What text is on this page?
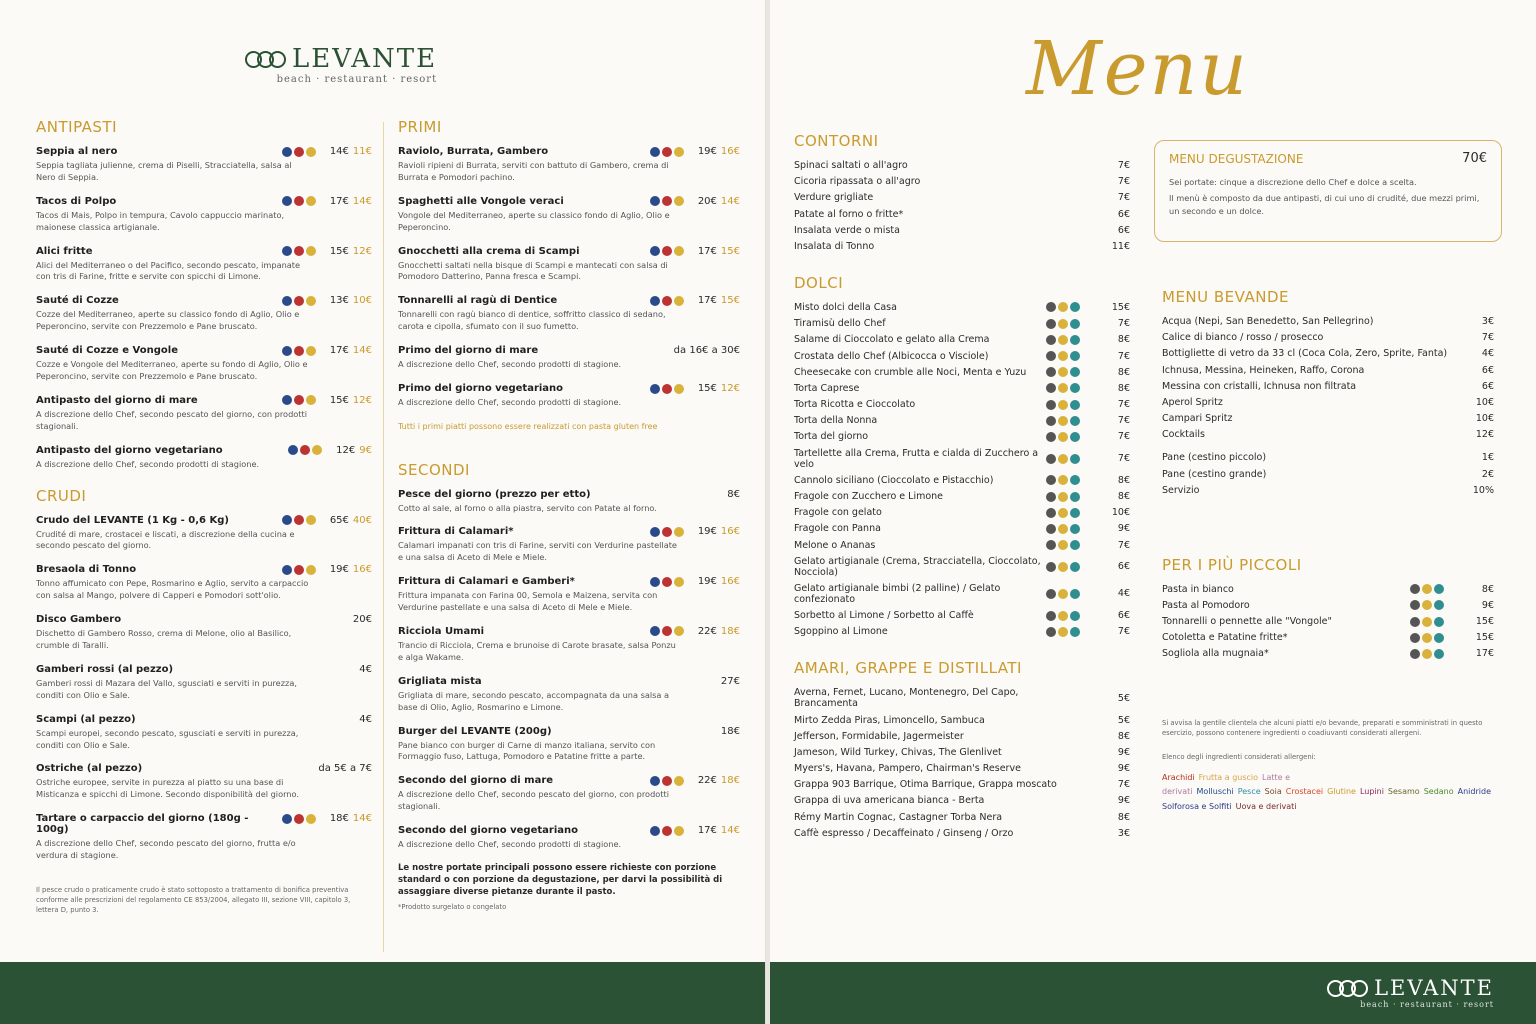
LEVANTE
beach · restaurant · resort
ANTIPASTI
Seppia al nero	14€ 11€
Seppia tagliata julienne, crema di Piselli, Stracciatella, salsa al Nero di Seppia.
Tacos di Polpo	17€ 14€
Tacos di Mais, Polpo in tempura, Cavolo cappuccio marinato, maionese classica artigianale.
Alici fritte	15€ 12€
Alici del Mediterraneo o del Pacifico, secondo pescato, impanate con tris di Farine, fritte e servite con spicchi di Limone.
Sauté di Cozze	13€ 10€
Cozze del Mediterraneo, aperte su classico fondo di Aglio, Olio e Peperoncino, servite con Prezzemolo e Pane bruscato.
Sauté di Cozze e Vongole	17€ 14€
Cozze e Vongole del Mediterraneo, aperte su fondo di Aglio, Olio e Peperoncino, servite con Prezzemolo e Pane bruscato.
Antipasto del giorno di mare	15€ 12€
A discrezione dello Chef, secondo pescato del giorno, con prodotti stagionali.
Antipasto del giorno vegetariano	12€ 9€
A discrezione dello Chef, secondo prodotti di stagione.
CRUDI
Crudo del LEVANTE (1 Kg - 0,6 Kg)	65€ 40€
Crudité di mare, crostacei e liscati, a discrezione della cucina e secondo pescato del giorno.
Bresaola di Tonno	19€ 16€
Tonno affumicato con Pepe, Rosmarino e Aglio, servito a carpaccio con salsa al Mango, polvere di Capperi e Pomodori sott'olio.
Disco Gambero	20€
Dischetto di Gambero Rosso, crema di Melone, olio al Basilico, crumble di Taralli.
Gamberi rossi (al pezzo)	4€
Gamberi rossi di Mazara del Vallo, sgusciati e serviti in purezza, conditi con Olio e Sale.
Scampi (al pezzo)	4€
Scampi europei, secondo pescato, sgusciati e serviti in purezza, conditi con Olio e Sale.
Ostriche (al pezzo)	da 5€ a 7€
Ostriche europee, servite in purezza al piatto su una base di Misticanza e spicchi di Limone. Secondo disponibilità del giorno.
Tartare o carpaccio del giorno (180g - 100g)
18€ 14€
A discrezione dello Chef, secondo pescato del giorno, frutta e/o verdura di stagione.
Il pesce crudo o praticamente crudo è stato sottoposto a trattamento di bonifica preventiva conforme alle prescrizioni del regolamento CE 853/2004, allegato III, sezione VIII, capitolo 3, lettera D, punto 3.
PRIMI
Raviolo, Burrata, Gambero	19€ 16€
Ravioli ripieni di Burrata, serviti con battuto di Gambero, crema di Burrata e Pomodori pachino.
Spaghetti alle Vongole veraci	20€ 14€
Vongole del Mediterraneo, aperte su classico fondo di Aglio, Olio e Peperoncino.
Gnocchetti alla crema di Scampi	17€ 15€
Gnocchetti saltati nella bisque di Scampi e mantecati con salsa di Pomodoro Datterino, Panna fresca e Scampi.
Tonnarelli al ragù di Dentice	17€ 15€
Tonnarelli con ragù bianco di dentice, soffritto classico di sedano, carota e cipolla, sfumato con il suo fumetto.
Primo del giorno di mare	da 16€ a 30€
A discrezione dello Chef, secondo prodotti di stagione.
Primo del giorno vegetariano	15€ 12€
A discrezione dello Chef, secondo prodotti di stagione.
Tutti i primi piatti possono essere realizzati con pasta gluten free
SECONDI
Pesce del giorno (prezzo per etto)	8€
Cotto al sale, al forno o alla piastra, servito con Patate al forno.
Frittura di Calamari*	19€ 16€
Calamari impanati con tris di Farine, serviti con Verdurine pastellate e una salsa di Aceto di Mele e Miele.
Frittura di Calamari e Gamberi*	19€ 16€
Frittura impanata con Farina 00, Semola e Maizena, servita con Verdurine pastellate e una salsa di Aceto di Mele e Miele.
Ricciola Umami	22€ 18€
Trancio di Ricciola, Crema e brunoise di Carote brasate, salsa Ponzu e alga Wakame.
Grigliata mista	27€
Grigliata di mare, secondo pescato, accompagnata da una salsa a base di Olio, Aglio, Rosmarino e Limone.
Burger del LEVANTE (200g)	18€
Pane bianco con burger di Carne di manzo italiana, servito con Formaggio fuso, Lattuga, Pomodoro e Patatine fritte a parte.
Secondo del giorno di mare	22€ 18€
A discrezione dello Chef, secondo pescato del giorno, con prodotti stagionali.
Secondo del giorno vegetariano	17€ 14€
A discrezione dello Chef, secondo prodotti di stagione.
Le nostre portate principali possono essere richieste con porzione standard o con porzione da degustazione, per darvi la possibilità di assaggiare diverse pietanze durante il pasto.
*Prodotto surgelato o congelato
Menu
CONTORNI
Spinaci saltati o all'agro	7€
Cicoria ripassata o all'agro	7€
Verdure grigliate	7€
Patate al forno o fritte*	6€
Insalata verde o mista	6€
Insalata di Tonno	11€
DOLCI
Misto dolci della Casa	15€
Tiramisù dello Chef	7€
Salame di Cioccolato e gelato alla Crema	8€
Crostata dello Chef (Albicocca o Visciole)	7€
Cheesecake con crumble alle Noci, Menta e Yuzu	8€
Torta Caprese	8€
Torta Ricotta e Cioccolato	7€
Torta della Nonna	7€
Torta del giorno	7€
Tartellette alla Crema, Frutta e cialda di Zucchero a velo	7€
Cannolo siciliano (Cioccolato e Pistacchio)	8€
Fragole con Zucchero e Limone	8€
Fragole con gelato	10€
Fragole con Panna	9€
Melone o Ananas	7€
Gelato artigianale (Crema, Stracciatella, Cioccolato, Nocciola)	6€
Gelato artigianale bimbi (2 palline) / Gelato confezionato	4€
Sorbetto al Limone / Sorbetto al Caffè	6€
Sgoppino al Limone	7€
AMARI, GRAPPE E DISTILLATI
Averna, Fernet, Lucano, Montenegro, Del Capo, Brancamenta	5€
Mirto Zedda Piras, Limoncello, Sambuca	5€
Jefferson, Formidabile, Jagermeister	8€
Jameson, Wild Turkey, Chivas, The Glenlivet	9€
Myers's, Havana, Pampero, Chairman's Reserve	9€
Grappa 903 Barrique, Otima Barrique, Grappa moscato	7€
Grappa di uva americana bianca - Berta	9€
Rémy Martin Cognac, Castagner Torba Nera	8€
Caffè espresso / Decaffeinato / Ginseng / Orzo	3€
MENU DEGUSTAZIONE	70€
Sei portate: cinque a discrezione dello Chef e dolce a scelta.
Il menù è composto da due antipasti, di cui uno di crudité, due mezzi primi, un secondo e un dolce.
MENU BEVANDE
Acqua (Nepi, San Benedetto, San Pellegrino)	3€
Calice di bianco / rosso / prosecco	7€
Bottigliette di vetro da 33 cl (Coca Cola, Zero, Sprite, Fanta)	4€
Ichnusa, Messina, Heineken, Raffo, Corona	6€
Messina con cristalli, Ichnusa non filtrata	6€
Aperol Spritz	10€
Campari Spritz	10€
Cocktails	12€
Pane (cestino piccolo)	1€
Pane (cestino grande)	2€
Servizio	10%
PER I PIÙ PICCOLI
Pasta in bianco	8€
Pasta al Pomodoro	9€
Tonnarelli o pennette alle "Vongole"	15€
Cotoletta e Patatine fritte*	15€
Sogliola alla mugnaia*	17€
Si avvisa la gentile clientela che alcuni piatti e/o bevande, preparati e somministrati in questo esercizio, possono contenere ingredienti o coadiuvanti considerati allergeni.
Elenco degli ingredienti considerati allergeni:
Arachidi Frutta a guscio Latte e derivati Molluschi Pesce Soia Crostacei Glutine Lupini Sesamo Sedano Anidride Solforosa e Solfiti Uova e derivati
LEVANTE
beach · restaurant · resort
